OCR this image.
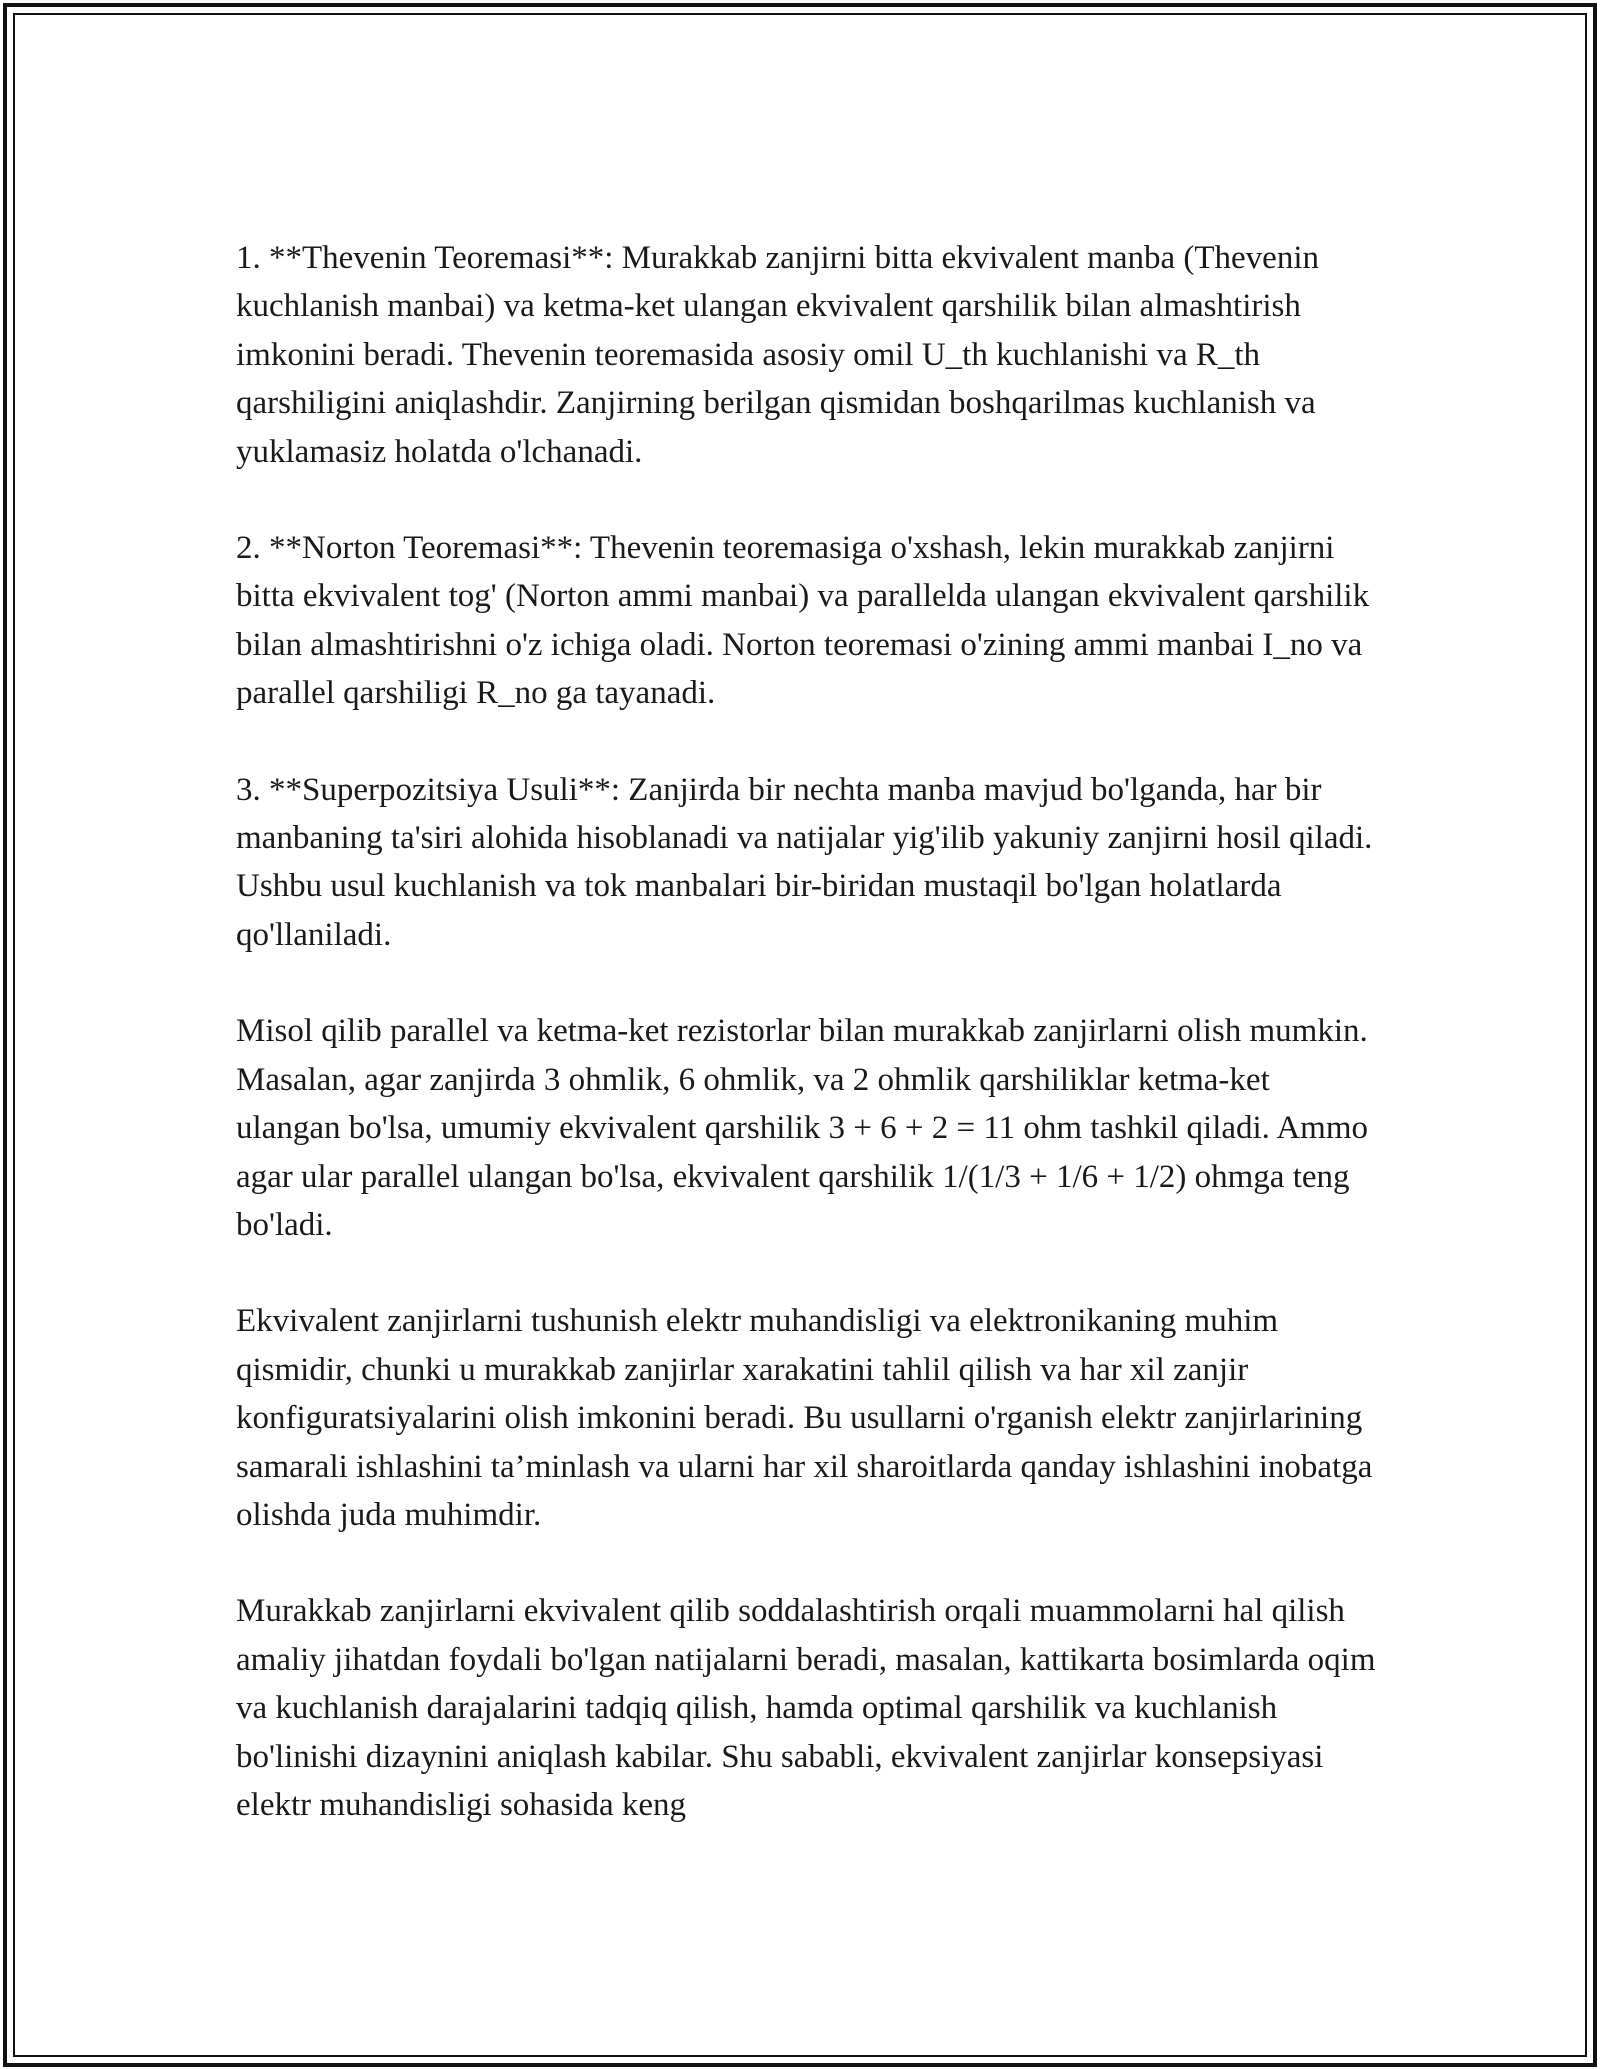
1. **Thevenin Teoremasi**: Murakkab zanjirni bitta ekvivalent manba (Thevenin kuchlanish manbai) va ketma-ket ulangan ekvivalent qarshilik bilan almashtirish imkonini beradi. Thevenin teoremasida asosiy omil U_th kuchlanishi va R_th qarshiligini aniqlashdir. Zanjirning berilgan qismidan boshqarilmas kuchlanish va yuklamasiz holatda o'lchanadi.

2. **Norton Teoremasi**: Thevenin teoremasiga o'xshash, lekin murakkab zanjirni bitta ekvivalent tog' (Norton ammi manbai) va parallelda ulangan ekvivalent qarshilik bilan almashtirishni o'z ichiga oladi. Norton teoremasi o'zining ammi manbai I_no va parallel qarshiligi R_no ga tayanadi.

3. **Superpozitsiya Usuli**: Zanjirda bir nechta manba mavjud bo'lganda, har bir manbaning ta'siri alohida hisoblanadi va natijalar yig'ilib yakuniy zanjirni hosil qiladi. Ushbu usul kuchlanish va tok manbalari bir-biridan mustaqil bo'lgan holatlarda qo'llaniladi.

Misol qilib parallel va ketma-ket rezistorlar bilan murakkab zanjirlarni olish mumkin. Masalan, agar zanjirda 3 ohmlik, 6 ohmlik, va 2 ohmlik qarshiliklar ketma-ket ulangan bo'lsa, umumiy ekvivalent qarshilik 3 + 6 + 2 = 11 ohm tashkil qiladi. Ammo agar ular parallel ulangan bo'lsa, ekvivalent qarshilik 1/(1/3 + 1/6 + 1/2) ohmga teng bo'ladi.

Ekvivalent zanjirlarni tushunish elektr muhandisligi va elektronikaning muhim qismidir, chunki u murakkab zanjirlar xarakatini tahlil qilish va har xil zanjir konfiguratsiyalarini olish imkonini beradi. Bu usullarni o'rganish elektr zanjirlarining samarali ishlashini ta’minlash va ularni har xil sharoitlarda qanday ishlashini inobatga olishda juda muhimdir.

Murakkab zanjirlarni ekvivalent qilib soddalashtirish orqali muammolarni hal qilish amaliy jihatdan foydali bo'lgan natijalarni beradi, masalan, kattikarta bosimlarda oqim va kuchlanish darajalarini tadqiq qilish, hamda optimal qarshilik va kuchlanish bo'linishi dizaynini aniqlash kabilar. Shu sababli, ekvivalent zanjirlar konsepsiyasi elektr muhandisligi sohasida keng
